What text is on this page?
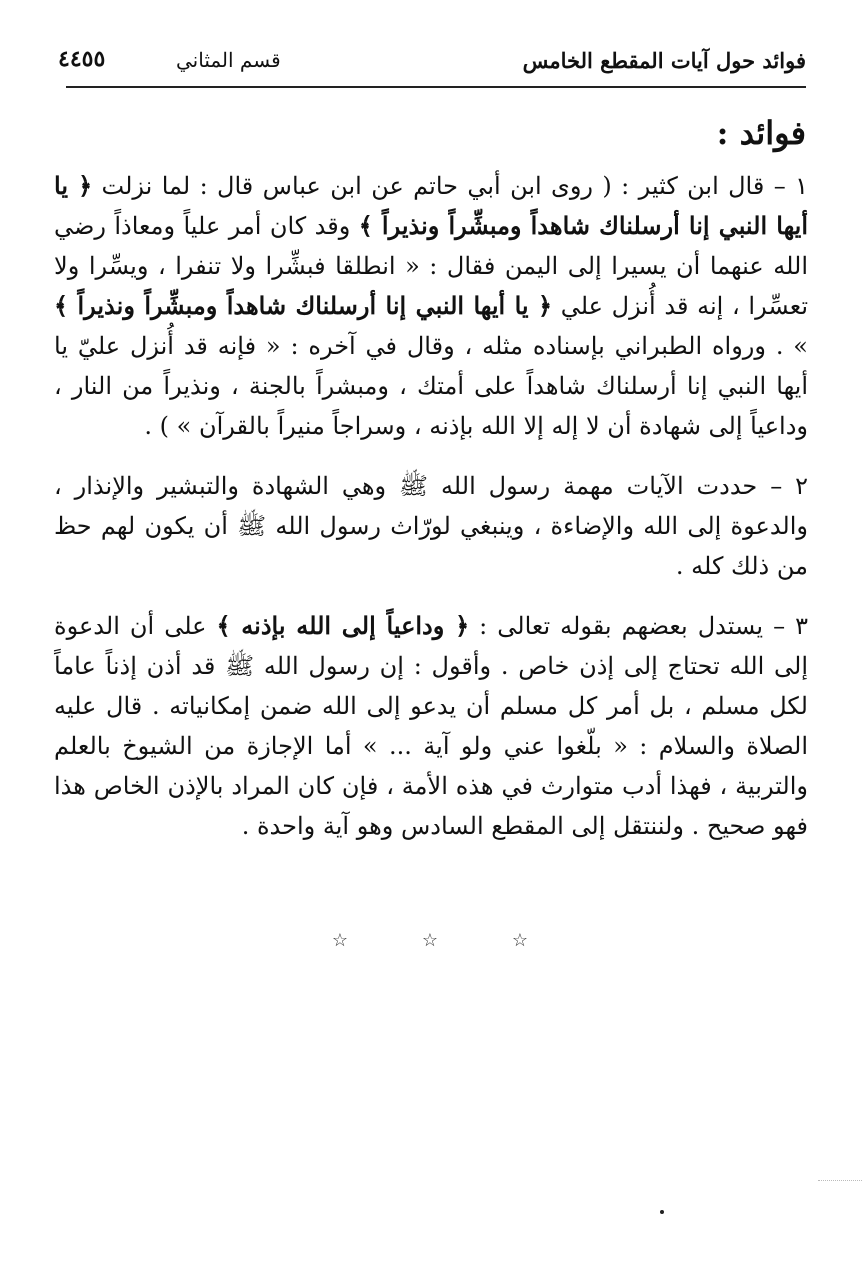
فوائد حول آيات المقطع الخامس
قسم المثاني
٤٤٥٥
فوائد :

١ – قال ابن كثير : ( روى ابن أبي حاتم عن ابن عباس قال : لما نزلت ﴿ يا أيها النبي إنا أرسلناك شاهداً ومبشِّراً ونذيراً ﴾ وقد كان أمر علياً ومعاذاً رضي الله عنهما أن يسيرا إلى اليمن فقال : « انطلقا فبشِّرا ولا تنفرا ، ويسِّرا ولا تعسِّرا ، إنه قد أُنزل علي ﴿ يا أيها النبي إنا أرسلناك شاهداً ومبشِّراً ونذيراً ﴾ » . ورواه الطبراني بإسناده مثله ، وقال في آخره : « فإنه قد أُنزل عليّ يا أيها النبي إنا أرسلناك شاهداً على أمتك ، ومبشراً بالجنة ، ونذيراً من النار ، وداعياً إلى شهادة أن لا إله إلا الله بإذنه ، وسراجاً منيراً بالقرآن » ) .

٢ – حددت الآيات مهمة رسول الله ﷺ وهي الشهادة والتبشير والإنذار ، والدعوة إلى الله والإضاءة ، وينبغي لورّاث رسول الله ﷺ أن يكون لهم حظ من ذلك كله .

٣ – يستدل بعضهم بقوله تعالى : ﴿ وداعياً إلى الله بإذنه ﴾ على أن الدعوة إلى الله تحتاج إلى إذن خاص . وأقول : إن رسول الله ﷺ قد أذن إذناً عاماً لكل مسلم ، بل أمر كل مسلم أن يدعو إلى الله ضمن إمكانياته . قال عليه الصلاة والسلام : « بلّغوا عني ولو آية ... » أما الإجازة من الشيوخ بالعلم والتربية ، فهذا أدب متوارث في هذه الأمة ، فإن كان المراد بالإذن الخاص هذا فهو صحيح . ولننتقل إلى المقطع السادس وهو آية واحدة .

☆	☆	☆
